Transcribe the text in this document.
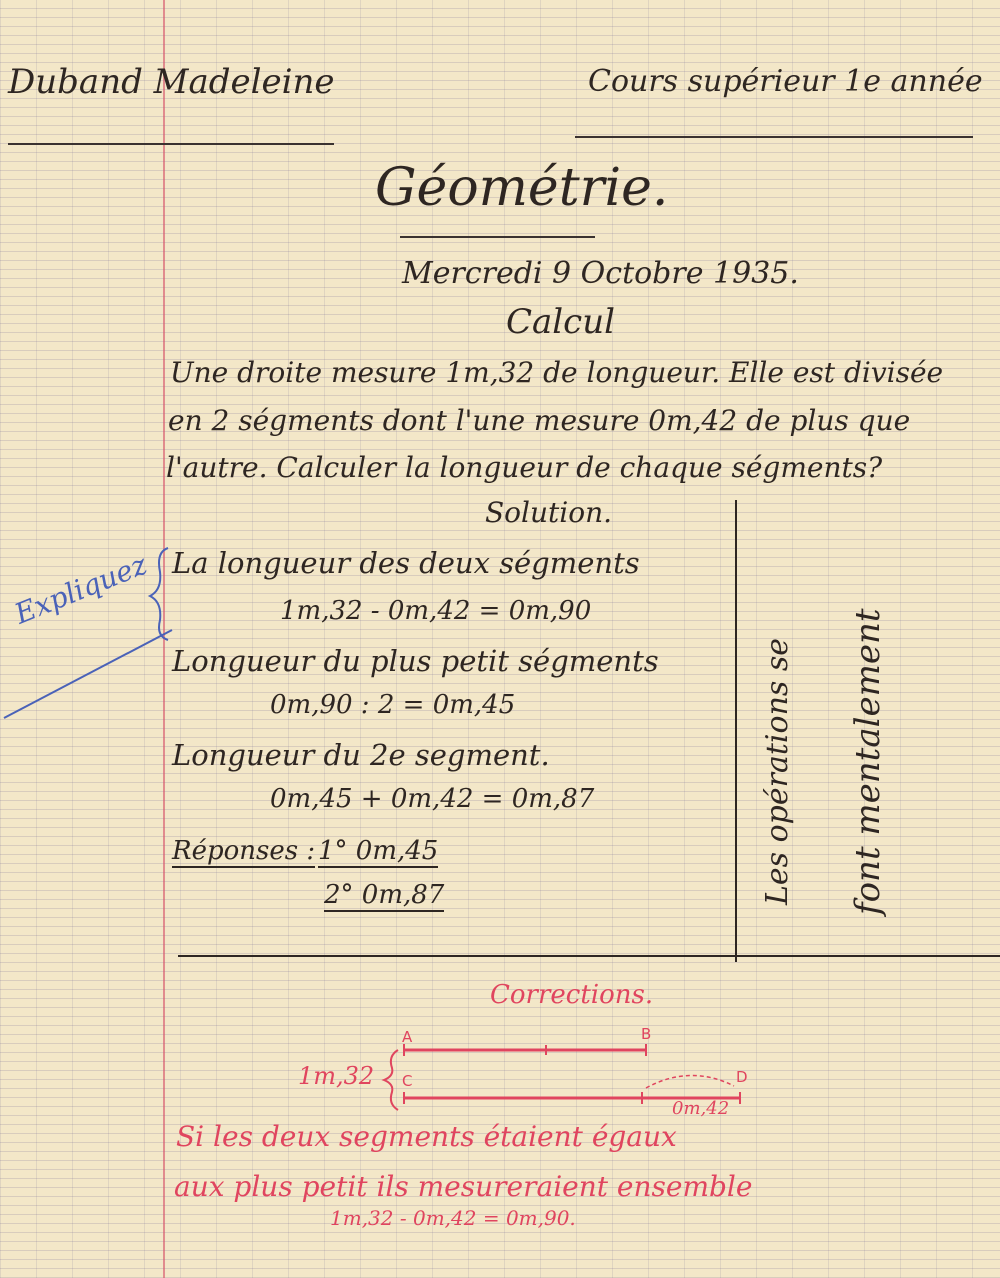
Duband Madeleine	Cours supérieur 1e année
Géométrie.
Mercredi 9 Octobre 1935.
Calcul
Une droite mesure 1m,32 de longueur. Elle est divisée
en 2 ségments dont l'une mesure 0m,42 de plus que
l'autre. Calculer la longueur de chaque ségments?
Solution.
La longueur des deux ségments
1m,32 - 0m,42 = 0m,90
Longueur du plus petit ségments
0m,90 : 2 = 0m,45
Longueur du 2e segment.
0m,45 + 0m,42 = 0m,87
Réponses : 1° 0m,45
2° 0m,87	Les opérations se font mentalement
Expliquez
Corrections.
1m,32
A	B
C	D
0m,42
Si les deux segments étaient égaux
aux plus petit ils mesureraient ensemble
1m,32 - 0m,42 = 0m,90.
